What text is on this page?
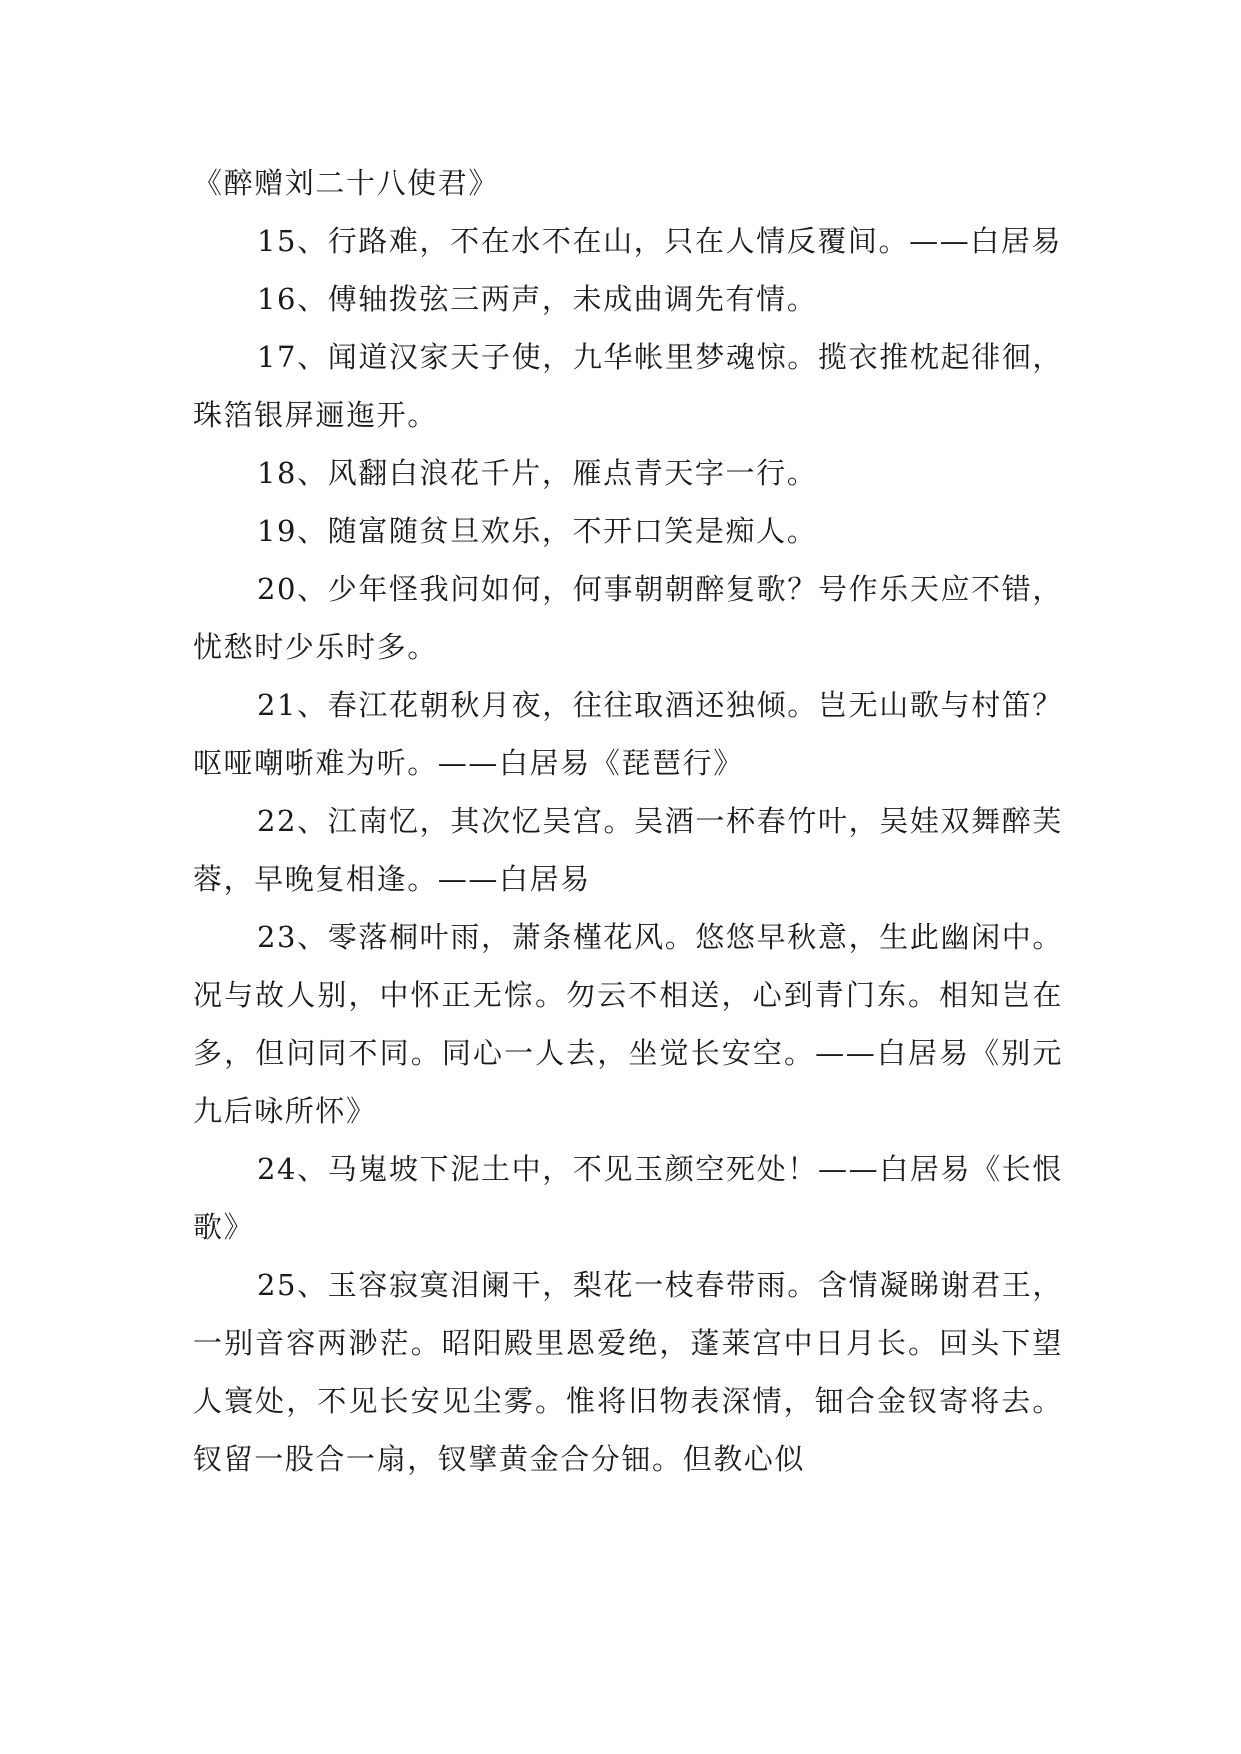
《醉赠刘二十八使君》

15、行路难，不在水不在山，只在人情反覆间。——白居易

16、傅轴拨弦三两声，未成曲调先有情。

17、闻道汉家天子使，九华帐里梦魂惊。揽衣推枕起徘徊，珠箔银屏逦迤开。

18、风翻白浪花千片，雁点青天字一行。

19、随富随贫旦欢乐，不开口笑是痴人。

20、少年怪我问如何，何事朝朝醉复歌？号作乐天应不错，忧愁时少乐时多。

21、春江花朝秋月夜，往往取酒还独倾。岂无山歌与村笛？呕哑嘲哳难为听。——白居易《琵琶行》

22、江南忆，其次忆吴宫。吴酒一杯春竹叶，吴娃双舞醉芙蓉，早晚复相逢。——白居易

23、零落桐叶雨，萧条槿花风。悠悠早秋意，生此幽闲中。况与故人别，中怀正无悰。勿云不相送，心到青门东。相知岂在多，但问同不同。同心一人去，坐觉长安空。——白居易《别元九后咏所怀》

24、马嵬坡下泥土中，不见玉颜空死处！——白居易《长恨歌》

25、玉容寂寞泪阑干，梨花一枝春带雨。含情凝睇谢君王，一别音容两渺茫。昭阳殿里恩爱绝，蓬莱宫中日月长。回头下望人寰处，不见长安见尘雾。惟将旧物表深情，钿合金钗寄将去。钗留一股合一扇，钗擘黄金合分钿。但教心似
